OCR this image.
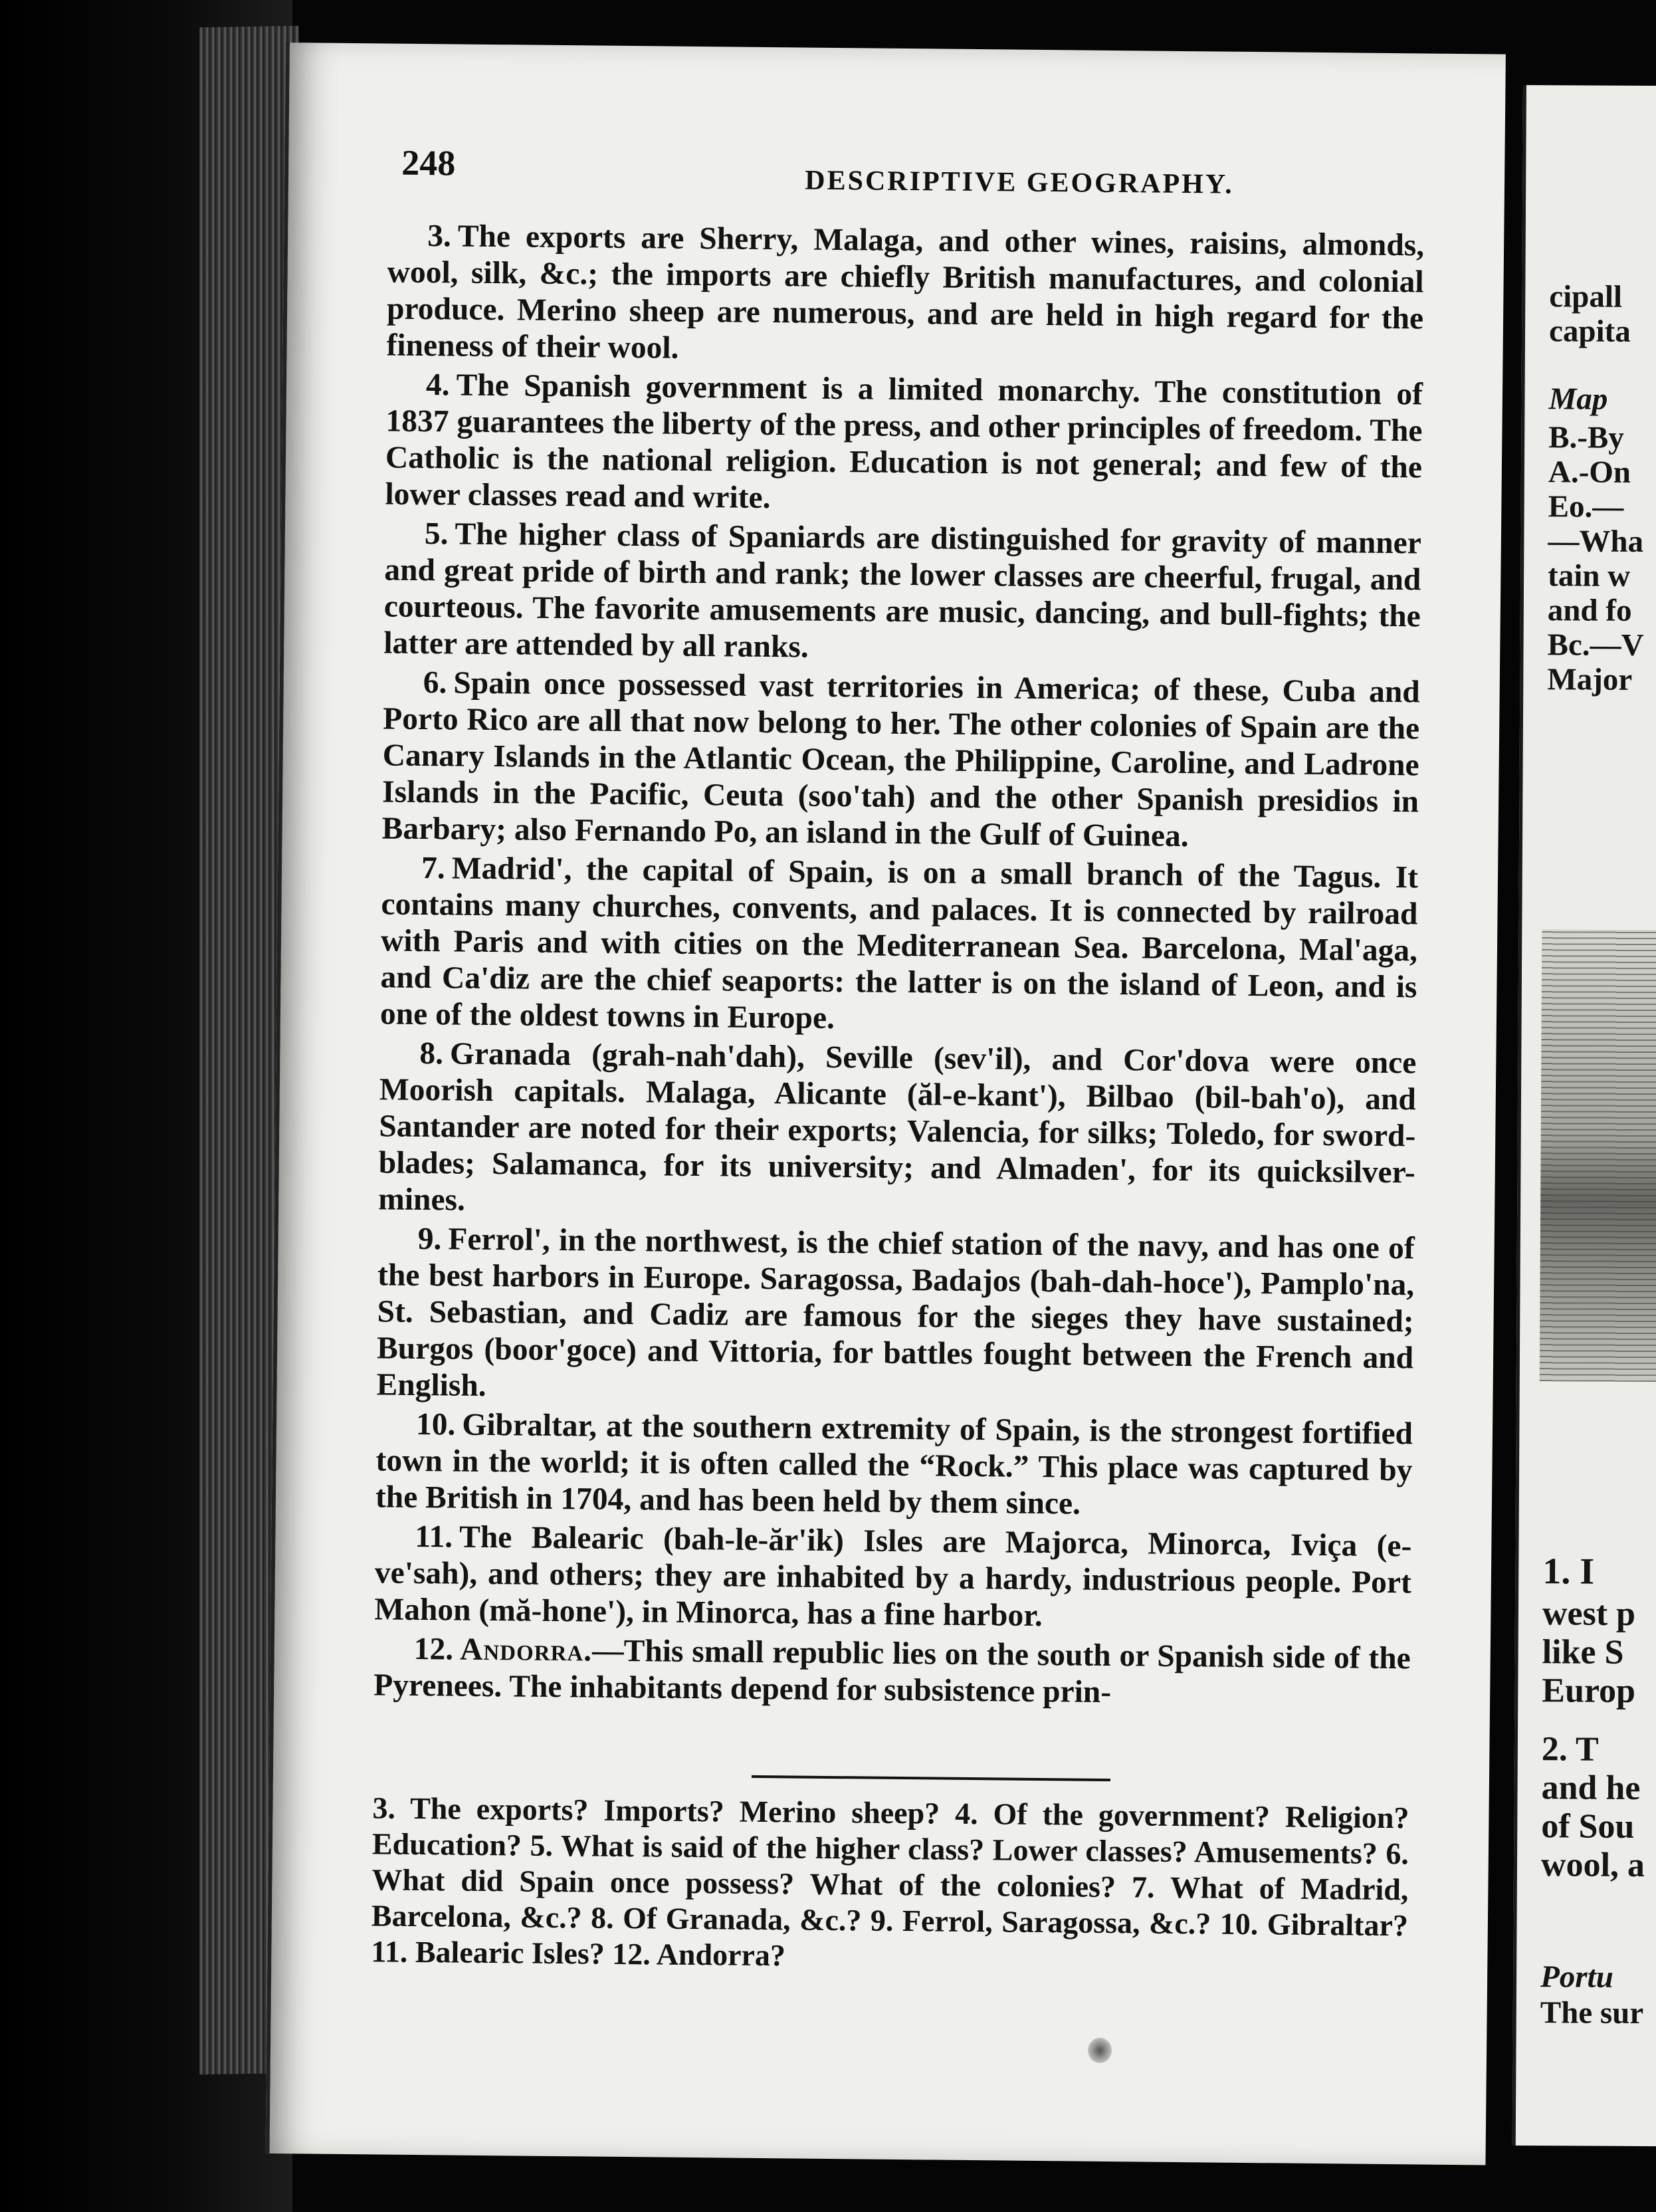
248	DESCRIPTIVE GEOGRAPHY.

3. The exports are Sherry, Malaga, and other wines, raisins, almonds, wool, silk, &c.; the imports are chiefly British manufactures, and colonial produce. Merino sheep are numerous, and are held in high regard for the fineness of their wool.

4. The Spanish government is a limited monarchy. The constitution of 1837 guarantees the liberty of the press, and other principles of freedom. The Catholic is the national religion. Education is not general; and few of the lower classes read and write.

5. The higher class of Spaniards are distinguished for gravity of manner and great pride of birth and rank; the lower classes are cheerful, frugal, and courteous. The favorite amusements are music, dancing, and bull-fights; the latter are attended by all ranks.

6. Spain once possessed vast territories in America; of these, Cuba and Porto Rico are all that now belong to her. The other colonies of Spain are the Canary Islands in the Atlantic Ocean, the Philippine, Caroline, and Ladrone Islands in the Pacific, Ceuta (soo'tah) and the other Spanish presidios in Barbary; also Fernando Po, an island in the Gulf of Guinea.

7. Madrid', the capital of Spain, is on a small branch of the Tagus. It contains many churches, convents, and palaces. It is connected by railroad with Paris and with cities on the Mediterranean Sea. Barcelona, Mal'aga, and Ca'diz are the chief seaports: the latter is on the island of Leon, and is one of the oldest towns in Europe.

8. Granada (grah-nah'dah), Seville (sev'il), and Cor'dova were once Moorish capitals. Malaga, Alicante (ăl-e-kant'), Bilbao (bil-bah'o), and Santander are noted for their exports; Valencia, for silks; Toledo, for sword-blades; Salamanca, for its university; and Almaden', for its quicksilver-mines.

9. Ferrol', in the northwest, is the chief station of the navy, and has one of the best harbors in Europe. Saragossa, Badajos (bah-dah-hoce'), Pamplo'na, St. Sebastian, and Cadiz are famous for the sieges they have sustained; Burgos (boor'goce) and Vittoria, for battles fought between the French and English.

10. Gibraltar, at the southern extremity of Spain, is the strongest fortified town in the world; it is often called the “Rock.” This place was captured by the British in 1704, and has been held by them since.

11. The Balearic (bah-le-ăr'ik) Isles are Majorca, Minorca, Iviça (e-ve'sah), and others; they are inhabited by a hardy, industrious people. Port Mahon (mă-hone'), in Minorca, has a fine harbor.

12. Andorra.—This small republic lies on the south or Spanish side of the Pyrenees. The inhabitants depend for subsistence prin-

3. The exports? Imports? Merino sheep? 4. Of the government? Religion? Education? 5. What is said of the higher class? Lower classes? Amusements? 6. What did Spain once possess? What of the colonies? 7. What of Madrid, Barcelona, &c.? 8. Of Granada, &c.? 9. Ferrol, Saragossa, &c.? 10. Gibraltar? 11. Balearic Isles? 12. Andorra?
cipall
capita
Map
B.-By
A.-On
Eo.—
—Wha
tain w
and fo
Bc.—V
Major
1. I
west p
like S
Europ
2. T
and he
of Sou
wool, a
Portu
The sur
